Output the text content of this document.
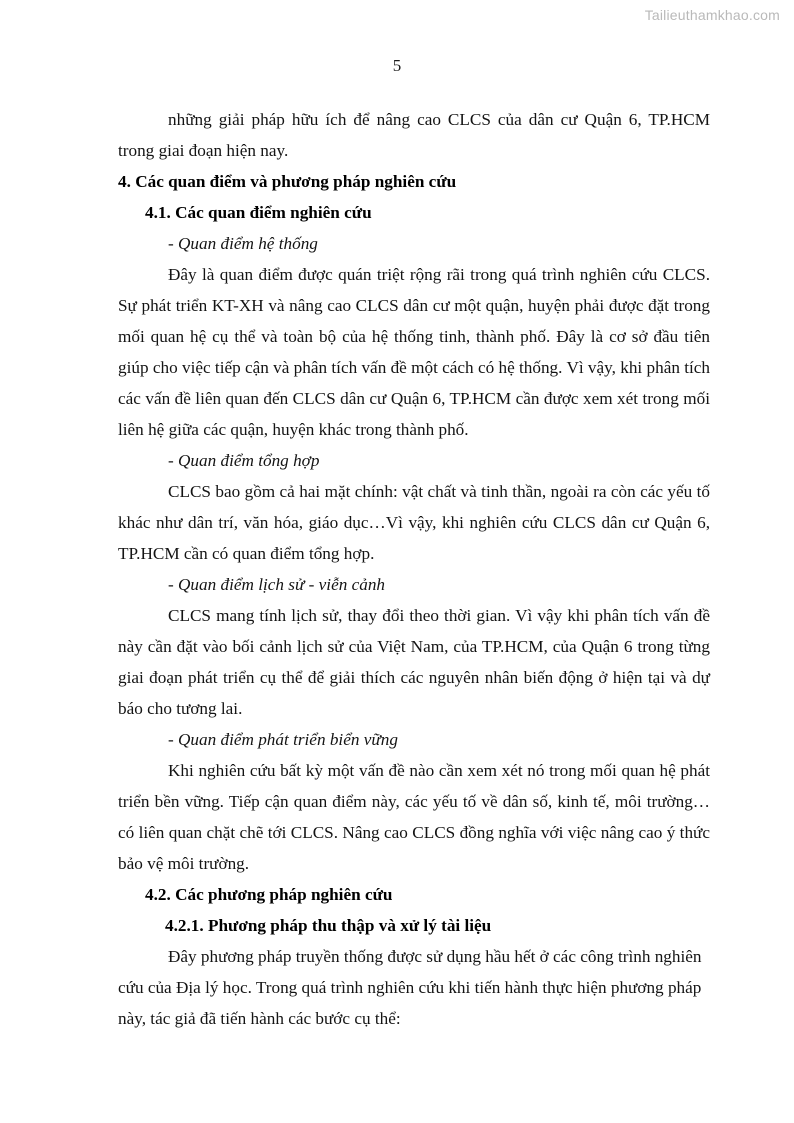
Tailieuthamkhao.com
5

những giải pháp hữu ích để nâng cao CLCS của dân cư Quận 6, TP.HCM trong giai đoạn hiện nay.

4. Các quan điểm và phương pháp nghiên cứu

4.1. Các quan điểm nghiên cứu

- Quan điểm hệ thống

Đây là quan điểm được quán triệt rộng rãi trong quá trình nghiên cứu CLCS. Sự phát triển KT-XH và nâng cao CLCS dân cư một quận, huyện phải được đặt trong mối quan hệ cụ thể và toàn bộ của hệ thống tinh, thành phố. Đây là cơ sở đầu tiên giúp cho việc tiếp cận và phân tích vấn đề một cách có hệ thống. Vì vậy, khi phân tích các vấn đề liên quan đến CLCS dân cư Quận 6, TP.HCM cần được xem xét trong mối liên hệ giữa các quận, huyện khác trong thành phố.

- Quan điểm tổng hợp

CLCS bao gồm cả hai mặt chính: vật chất và tinh thần, ngoài ra còn các yếu tố khác như dân trí, văn hóa, giáo dục…Vì vậy, khi nghiên cứu CLCS dân cư Quận 6, TP.HCM cần có quan điểm tổng hợp.

- Quan điểm lịch sử - viễn cảnh

CLCS mang tính lịch sử, thay đổi theo thời gian. Vì vậy khi phân tích vấn đề này cần đặt vào bối cảnh lịch sử của Việt Nam, của TP.HCM, của Quận 6 trong từng giai đoạn phát triển cụ thể để giải thích các nguyên nhân biến động ở hiện tại và dự báo cho tương lai.

- Quan điểm phát triển biển vững

Khi nghiên cứu bất kỳ một vấn đề nào cần xem xét nó trong mối quan hệ phát triển bền vững. Tiếp cận quan điểm này, các yếu tố về dân số, kinh tế, môi trường… có liên quan chặt chẽ tới CLCS. Nâng cao CLCS đồng nghĩa với việc nâng cao ý thức bảo vệ môi trường.

4.2. Các phương pháp nghiên cứu

4.2.1. Phương pháp thu thập và xử lý tài liệu

Đây phương pháp truyền thống được sử dụng hầu hết ở các công trình nghiên cứu của Địa lý học. Trong quá trình nghiên cứu khi tiến hành thực hiện phương pháp này, tác giả đã tiến hành các bước cụ thể:
